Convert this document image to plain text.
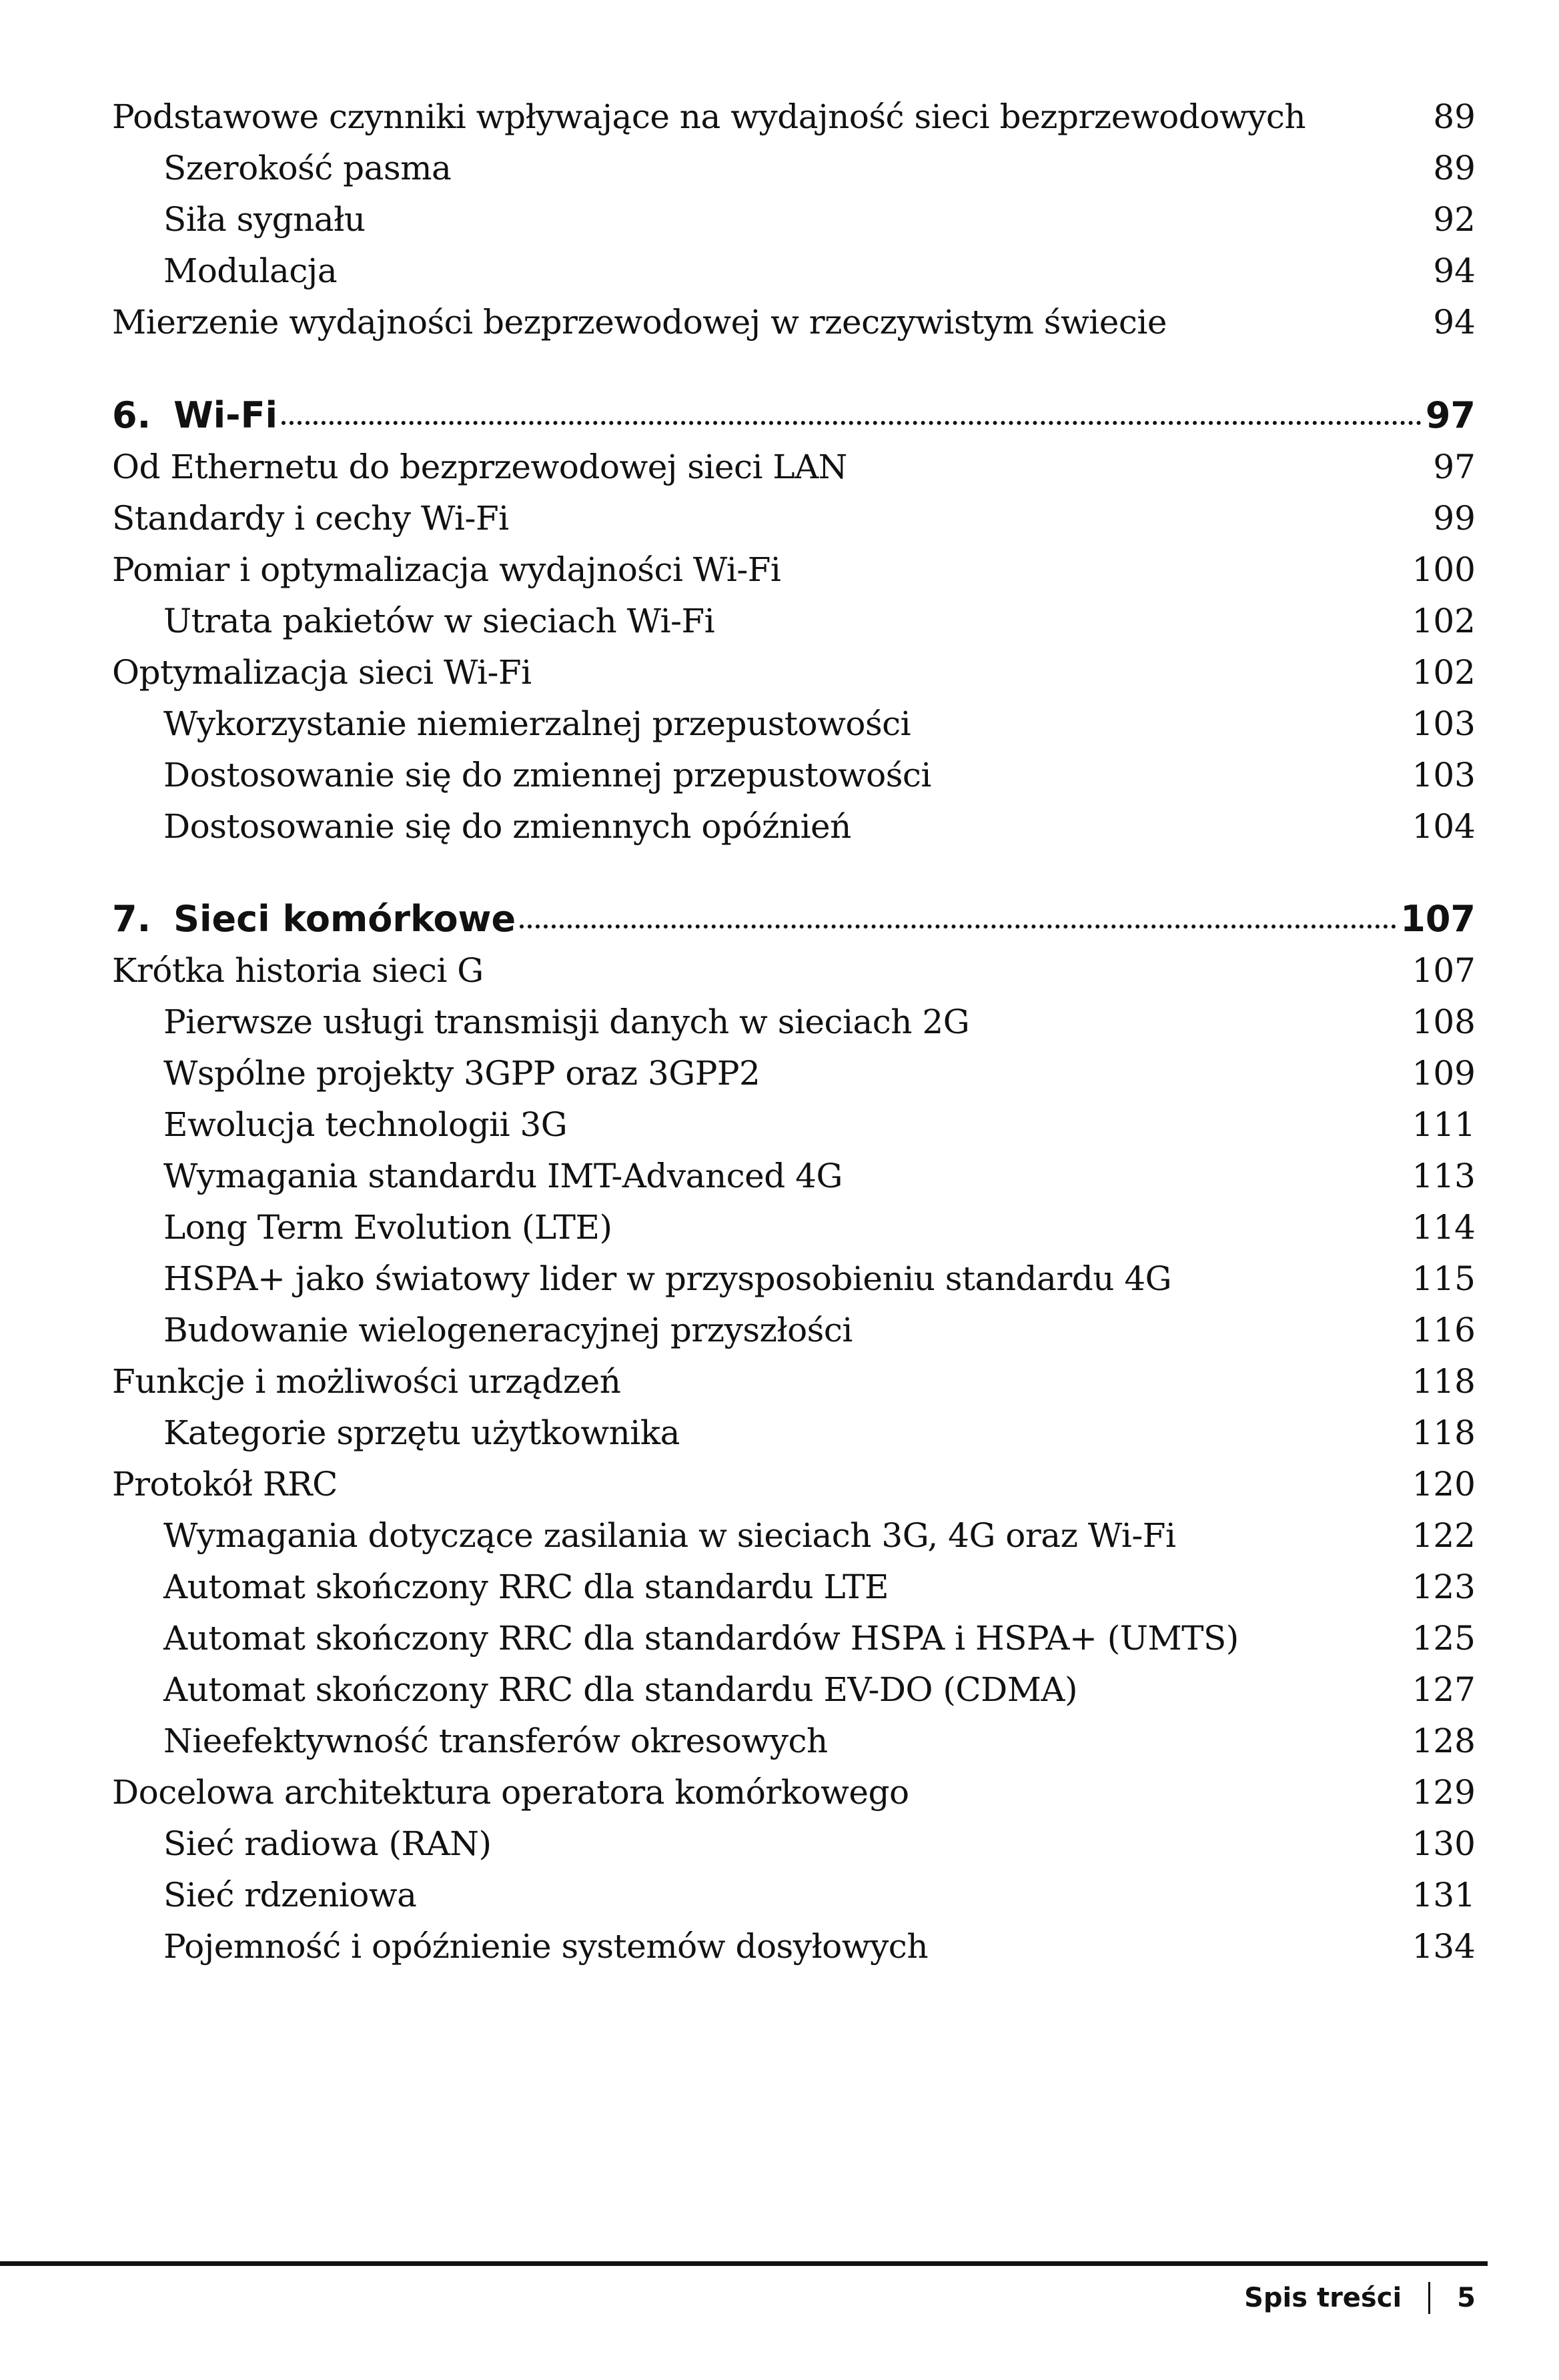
Podstawowe czynniki wpływające na wydajność sieci bezprzewodowych	89
Szerokość pasma	89
Siła sygnału	92
Modulacja	94
Mierzenie wydajności bezprzewodowej w rzeczywistym świecie	94
6. Wi-Fi	97
Od Ethernetu do bezprzewodowej sieci LAN	97
Standardy i cechy Wi-Fi	99
Pomiar i optymalizacja wydajności Wi-Fi	100
Utrata pakietów w sieciach Wi-Fi	102
Optymalizacja sieci Wi-Fi	102
Wykorzystanie niemierzalnej przepustowości	103
Dostosowanie się do zmiennej przepustowości	103
Dostosowanie się do zmiennych opóźnień	104
7. Sieci komórkowe	107
Krótka historia sieci G	107
Pierwsze usługi transmisji danych w sieciach 2G	108
Wspólne projekty 3GPP oraz 3GPP2	109
Ewolucja technologii 3G	111
Wymagania standardu IMT-Advanced 4G	113
Long Term Evolution (LTE)	114
HSPA+ jako światowy lider w przysposobieniu standardu 4G	115
Budowanie wielogeneracyjnej przyszłości	116
Funkcje i możliwości urządzeń	118
Kategorie sprzętu użytkownika	118
Protokół RRC	120
Wymagania dotyczące zasilania w sieciach 3G, 4G oraz Wi-Fi	122
Automat skończony RRC dla standardu LTE	123
Automat skończony RRC dla standardów HSPA i HSPA+ (UMTS)	125
Automat skończony RRC dla standardu EV-DO (CDMA)	127
Nieefektywność transferów okresowych	128
Docelowa architektura operatora komórkowego	129
Sieć radiowa (RAN)	130
Sieć rdzeniowa	131
Pojemność i opóźnienie systemów dosyłowych	134
Spis treści 5
